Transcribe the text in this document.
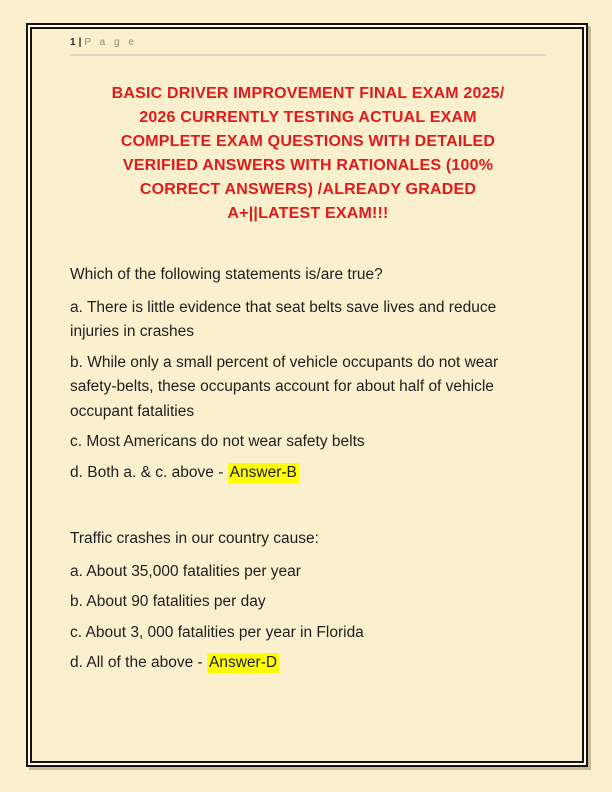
1 | P a g e
BASIC DRIVER IMPROVEMENT FINAL EXAM 2025/
2026 CURRENTLY TESTING ACTUAL EXAM
COMPLETE EXAM QUESTIONS WITH DETAILED
VERIFIED ANSWERS WITH RATIONALES (100%
CORRECT ANSWERS) /ALREADY GRADED
A+||LATEST EXAM!!!

Which of the following statements is/are true?

a. There is little evidence that seat belts save lives and reduce injuries in crashes

b. While only a small percent of vehicle occupants do not wear safety-belts, these occupants account for about half of vehicle occupant fatalities

c. Most Americans do not wear safety belts

d. Both a. & c. above - Answer-B

Traffic crashes in our country cause:

a. About 35,000 fatalities per year

b. About 90 fatalities per day

c. About 3, 000 fatalities per year in Florida

d. All of the above - Answer-D
